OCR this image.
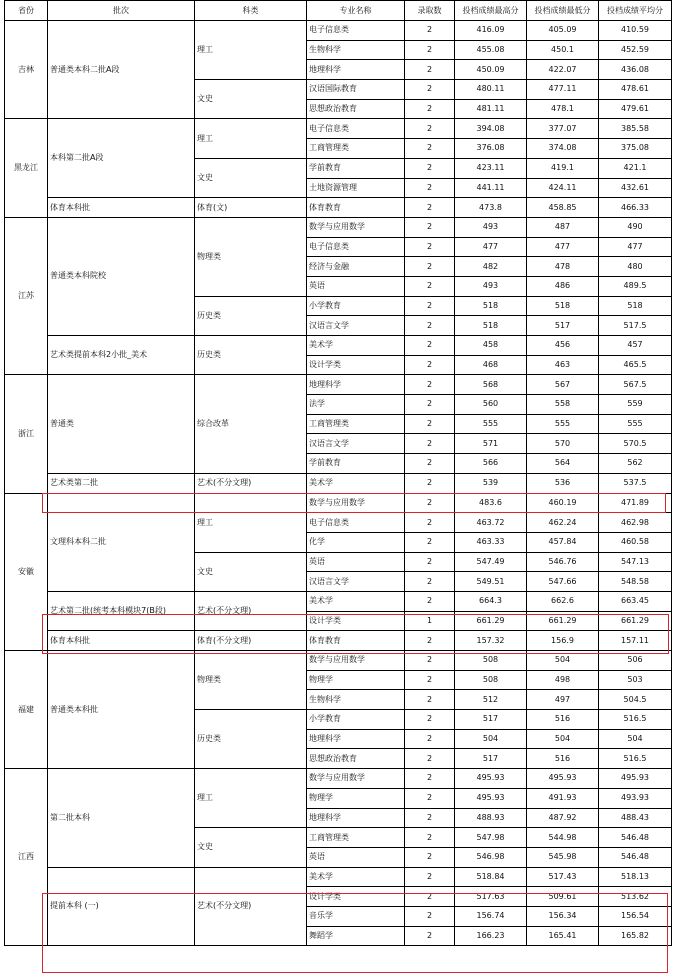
省份	批次	科类	专业名称	录取数	投档成绩最高分	投档成绩最低分	投档成绩平均分
吉林	普通类本科二批A段	理工	电子信息类	2	416.09	405.09	410.59
			生物科学	2	455.08	450.1	452.59
			地理科学	2	450.09	422.07	436.08
		文史	汉语国际教育	2	480.11	477.11	478.61
			思想政治教育	2	481.11	478.1	479.61
黑龙江	本科第二批A段	理工	电子信息类	2	394.08	377.07	385.58
			工商管理类	2	376.08	374.08	375.08
		文史	学前教育	2	423.11	419.1	421.1
			土地资源管理	2	441.11	424.11	432.61
	体育本科批	体育(文)	体育教育	2	473.8	458.85	466.33
江苏	普通类本科院校	物理类	数学与应用数学	2	493	487	490
			电子信息类	2	477	477	477
			经济与金融	2	482	478	480
			英语	2	493	486	489.5
		历史类	小学教育	2	518	518	518
			汉语言文学	2	518	517	517.5
	艺术类提前本科2小批_美术	历史类	美术学	2	458	456	457
			设计学类	2	468	463	465.5
浙江	普通类	综合改革	地理科学	2	568	567	567.5
			法学	2	560	558	559
			工商管理类	2	555	555	555
			汉语言文学	2	571	570	570.5
			学前教育	2	566	564	562
	艺术类第二批	艺术(不分文理)	美术学	2	539	536	537.5
安徽	文理科本科二批	理工	数学与应用数学	2	483.6	460.19	471.89
			电子信息类	2	463.72	462.24	462.98
			化学	2	463.33	457.84	460.58
		文史	英语	2	547.49	546.76	547.13
			汉语言文学	2	549.51	547.66	548.58
	艺术第二批(统考本科模块7(B段)	艺术(不分文理)	美术学	2	664.3	662.6	663.45
			设计学类	1	661.29	661.29	661.29
	体育本科批	体育(不分文理)	体育教育	2	157.32	156.9	157.11
福建	普通类本科批	物理类	数学与应用数学	2	508	504	506
			物理学	2	508	498	503
			生物科学	2	512	497	504.5
		历史类	小学教育	2	517	516	516.5
			地理科学	2	504	504	504
			思想政治教育	2	517	516	516.5
江西	第二批本科	理工	数学与应用数学	2	495.93	495.93	495.93
			物理学	2	495.93	491.93	493.93
			地理科学	2	488.93	487.92	488.43
		文史	工商管理类	2	547.98	544.98	546.48
			英语	2	546.98	545.98	546.48
	提前本科 (一)	艺术(不分文理)	美术学	2	518.84	517.43	518.13
			设计学类	2	517.63	509.61	513.62
			音乐学	2	156.74	156.34	156.54
			舞蹈学	2	166.23	165.41	165.82
